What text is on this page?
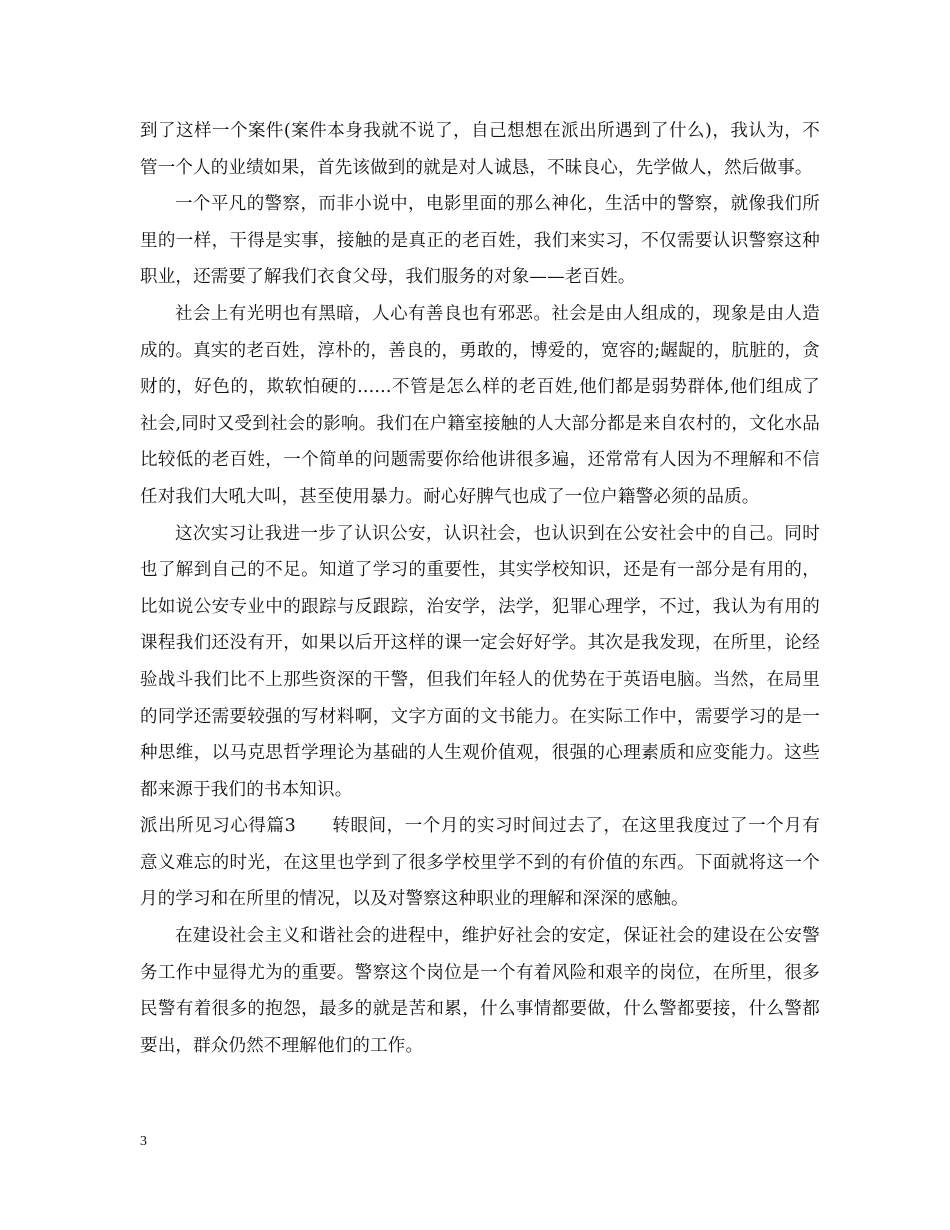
到了这样一个案件(案件本身我就不说了，自己想想在派出所遇到了什么)，我认为，不管一个人的业绩如果，首先该做到的就是对人诚恳，不昧良心，先学做人，然后做事。

一个平凡的警察，而非小说中，电影里面的那么神化，生活中的警察，就像我们所里的一样，干得是实事，接触的是真正的老百姓，我们来实习，不仅需要认识警察这种职业，还需要了解我们衣食父母，我们服务的对象——老百姓。

社会上有光明也有黑暗，人心有善良也有邪恶。社会是由人组成的，现象是由人造成的。真实的老百姓，淳朴的，善良的，勇敢的，博爱的，宽容的;龌龊的，肮脏的，贪财的，好色的，欺软怕硬的......不管是怎么样的老百姓,他们都是弱势群体,他们组成了社会,同时又受到社会的影响。我们在户籍室接触的人大部分都是来自农村的，文化水品比较低的老百姓，一个简单的问题需要你给他讲很多遍，还常常有人因为不理解和不信任对我们大吼大叫，甚至使用暴力。耐心好脾气也成了一位户籍警必须的品质。

这次实习让我进一步了认识公安，认识社会，也认识到在公安社会中的自己。同时也了解到自己的不足。知道了学习的重要性，其实学校知识，还是有一部分是有用的，比如说公安专业中的跟踪与反跟踪，治安学，法学，犯罪心理学，不过，我认为有用的课程我们还没有开，如果以后开这样的课一定会好好学。其次是我发现，在所里，论经验战斗我们比不上那些资深的干警，但我们年轻人的优势在于英语电脑。当然，在局里的同学还需要较强的写材料啊，文字方面的文书能力。在实际工作中，需要学习的是一种思维，以马克思哲学理论为基础的人生观价值观，很强的心理素质和应变能力。这些都来源于我们的书本知识。

派出所见习心得篇3　　转眼间，一个月的实习时间过去了，在这里我度过了一个月有意义难忘的时光，在这里也学到了很多学校里学不到的有价值的东西。下面就将这一个月的学习和在所里的情况，以及对警察这种职业的理解和深深的感触。

在建设社会主义和谐社会的进程中，维护好社会的安定，保证社会的建设在公安警务工作中显得尤为的重要。警察这个岗位是一个有着风险和艰辛的岗位，在所里，很多民警有着很多的抱怨，最多的就是苦和累，什么事情都要做，什么警都要接，什么警都要出，群众仍然不理解他们的工作。

3
